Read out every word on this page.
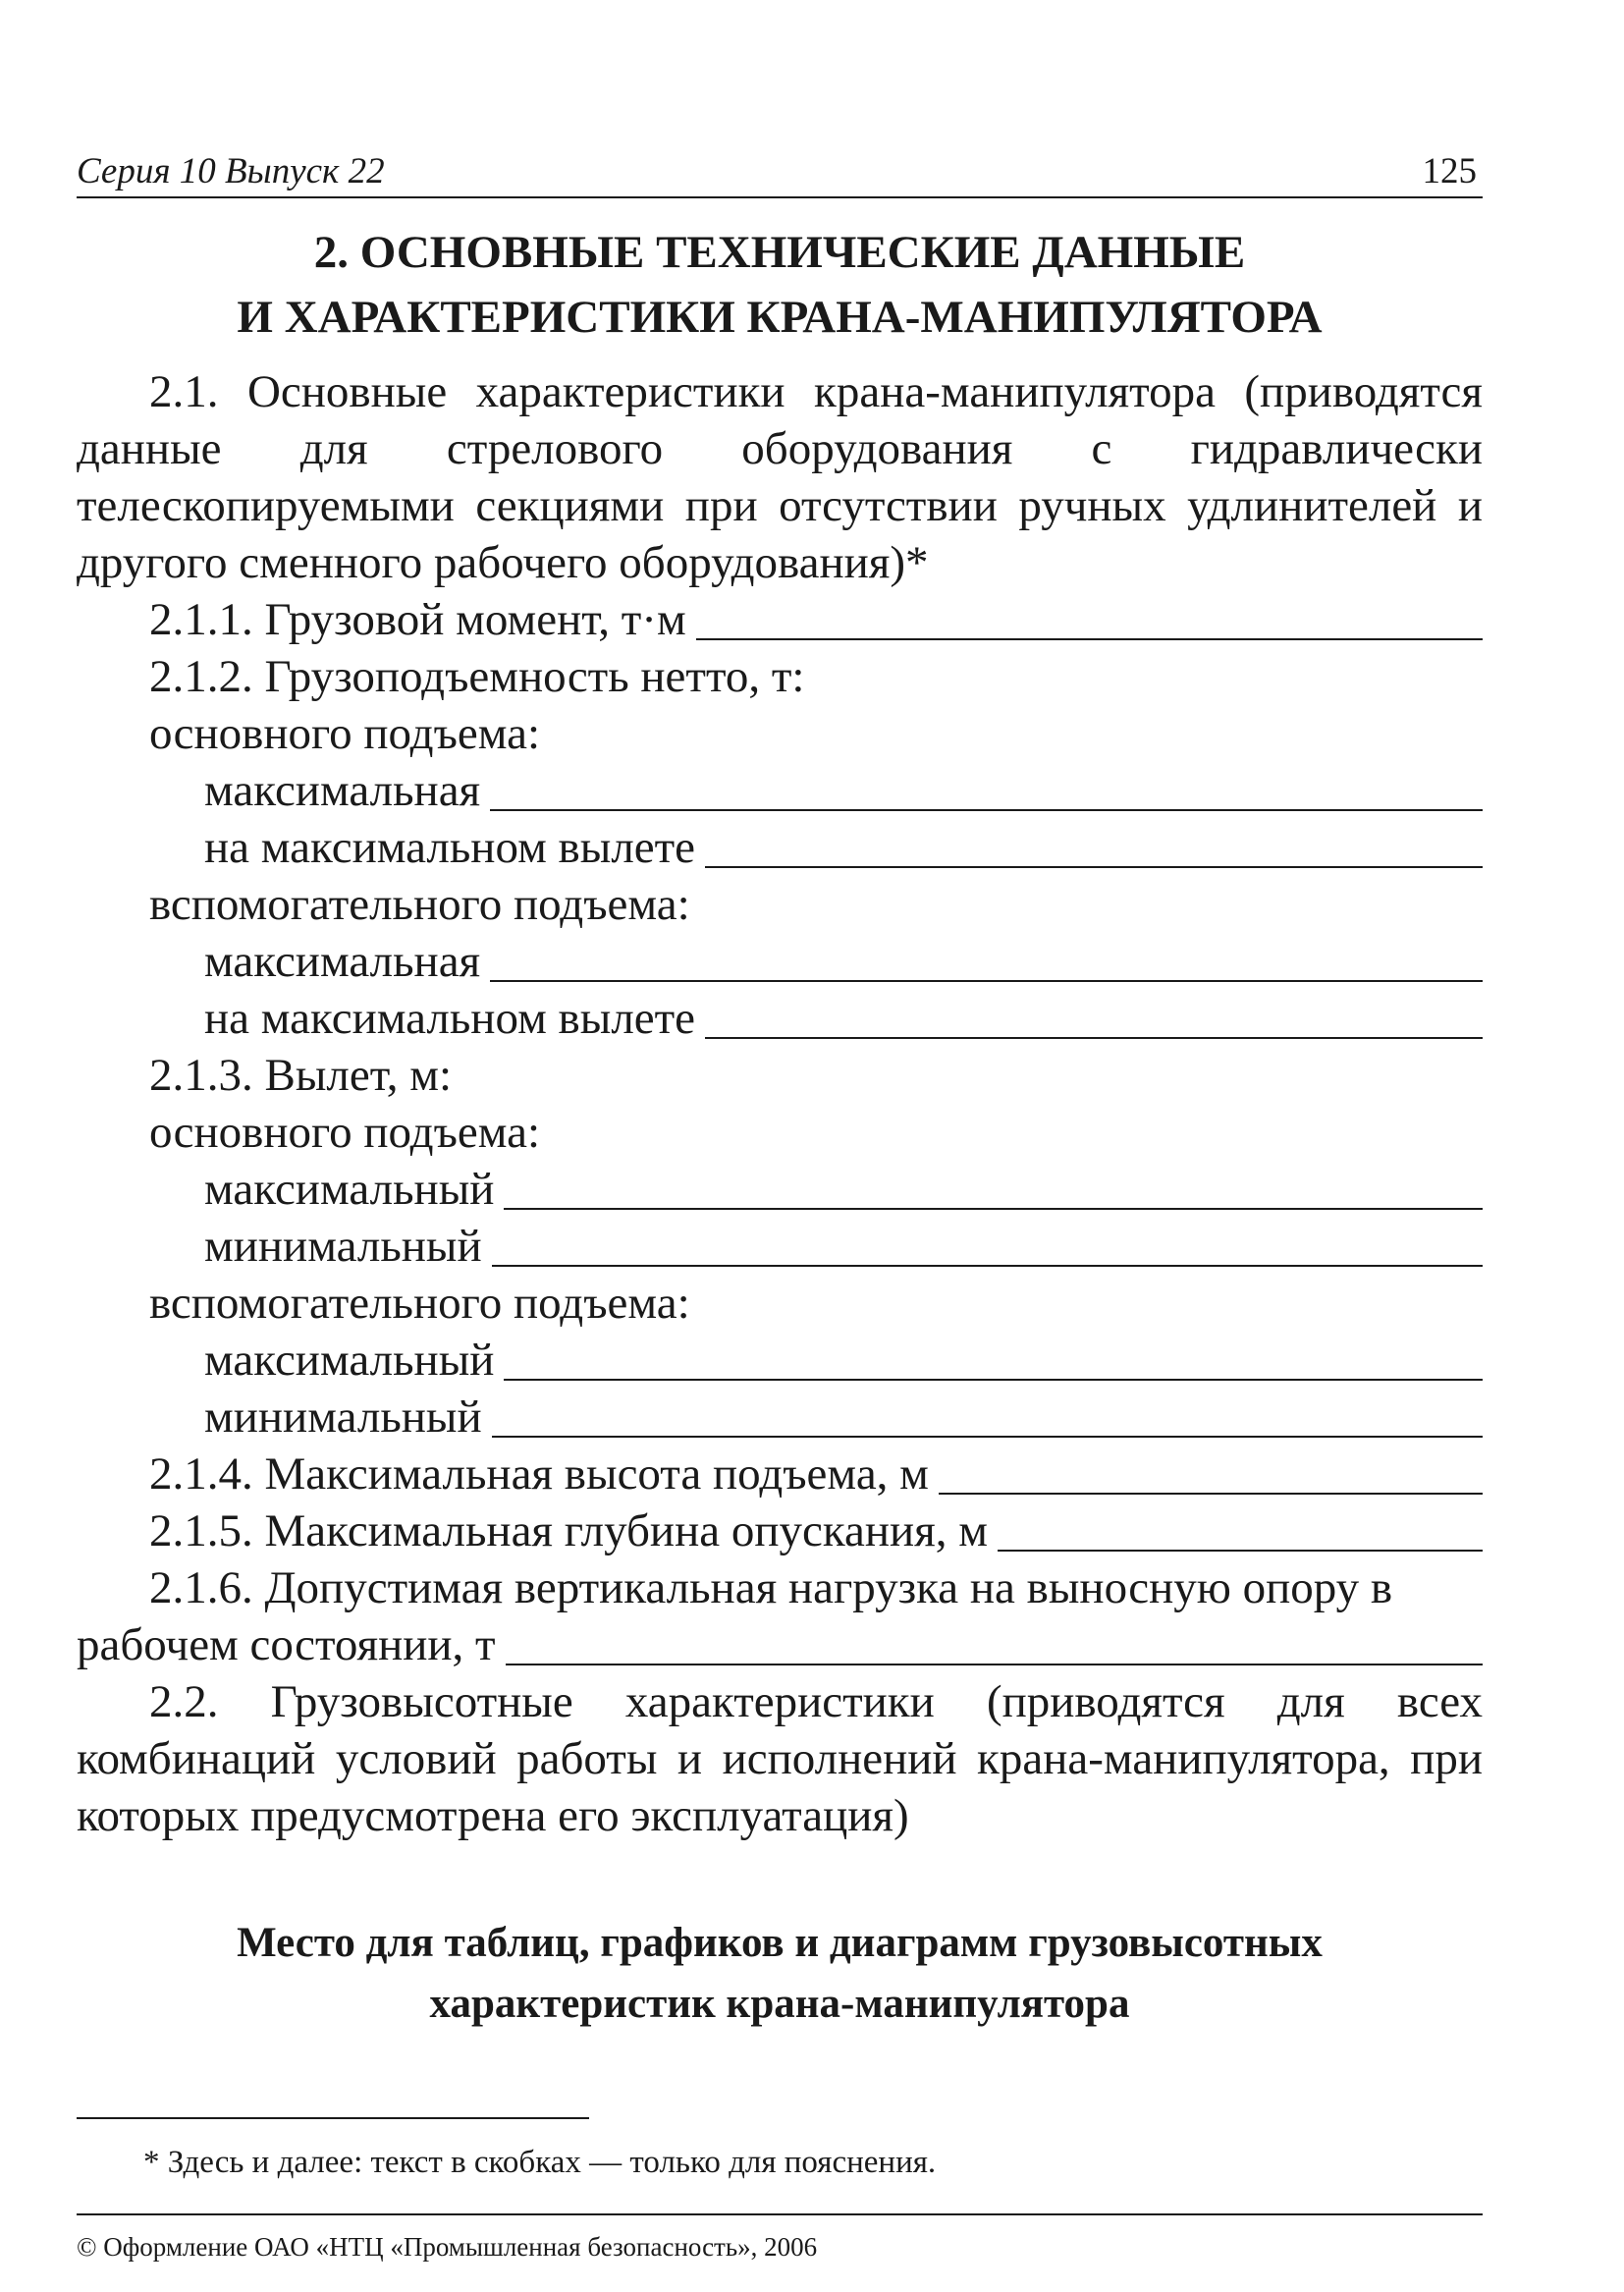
Серия 10 Выпуск 22	125
2. ОСНОВНЫЕ ТЕХНИЧЕСКИЕ ДАННЫЕ
И ХАРАКТЕРИСТИКИ КРАНА-МАНИПУЛЯТОРА

2.1. Основные характеристики крана-манипулятора (приводятся данные для стрелового оборудования с гидравлически телескопируемыми секциями при отсутствии ручных удлинителей и другого сменного рабочего оборудования)*

2.1.1. Грузовой момент, т·м
2.1.2. Грузоподъемность нетто, т:
основного подъема:
максимальная
на максимальном вылете
вспомогательного подъема:
максимальная
на максимальном вылете
2.1.3. Вылет, м:
основного подъема:
максимальный
минимальный
вспомогательного подъема:
максимальный
минимальный
2.1.4. Максимальная высота подъема, м
2.1.5. Максимальная глубина опускания, м
2.1.6. Допустимая вертикальная нагрузка на выносную опору в
рабочем состоянии, т

2.2. Грузовысотные характеристики (приводятся для всех комбинаций условий работы и исполнений крана-манипулятора, при которых предусмотрена его эксплуатация)

Место для таблиц, графиков и диаграмм грузовысотных
характеристик крана-манипулятора
* Здесь и далее: текст в скобках — только для пояснения.
© Оформление ОАО «НТЦ «Промышленная безопасность», 2006
